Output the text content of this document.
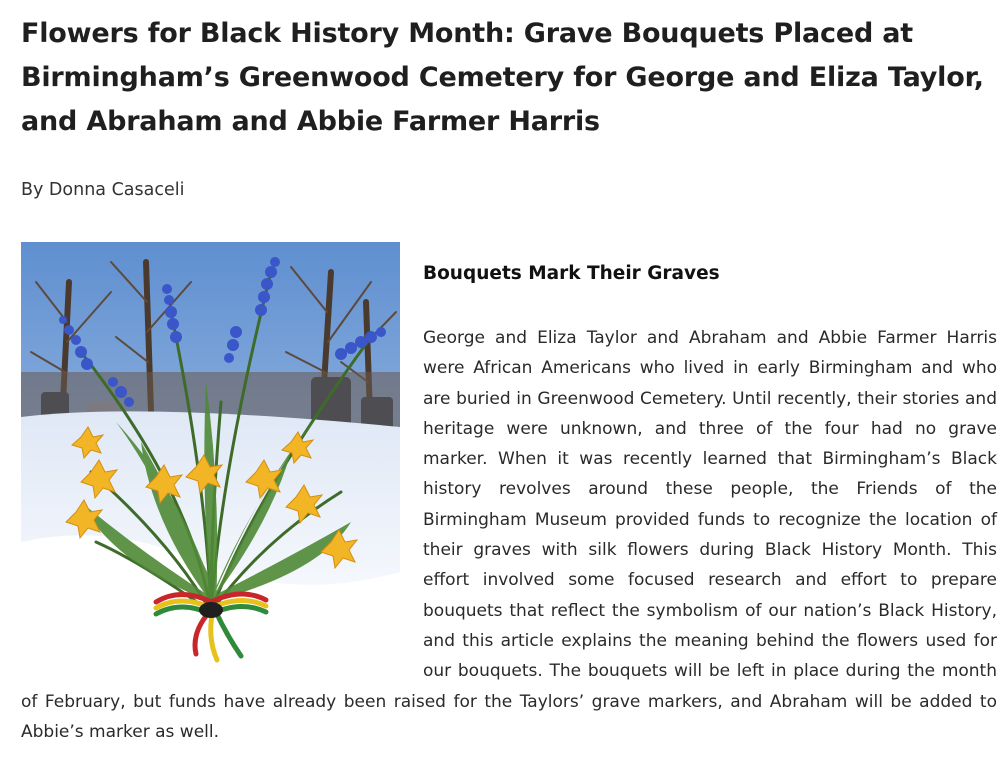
Flowers for Black History Month: Grave Bouquets Placed at Birmingham’s Greenwood Cemetery for George and Eliza Taylor, and Abraham and Abbie Farmer Harris

By Donna Casaceli

Bouquets Mark Their Graves

George and Eliza Taylor and Abraham and Abbie Farmer Harris were African Americans who lived in early Birmingham and who are buried in Greenwood Cemetery. Until recently, their stories and heritage were unknown, and three of the four had no grave marker. When it was recently learned that Birmingham’s Black history revolves around these people, the Friends of the Birmingham Museum provided funds to recognize the location of their graves with silk flowers during Black History Month. This effort involved some focused research and effort to prepare bouquets that reflect the symbolism of our nation’s Black History, and this article explains the meaning behind the flowers used for our bouquets. The bouquets will be left in place during the month of February, but funds have already been raised for the Taylors’ grave markers, and Abraham will be added to Abbie’s marker as well.
